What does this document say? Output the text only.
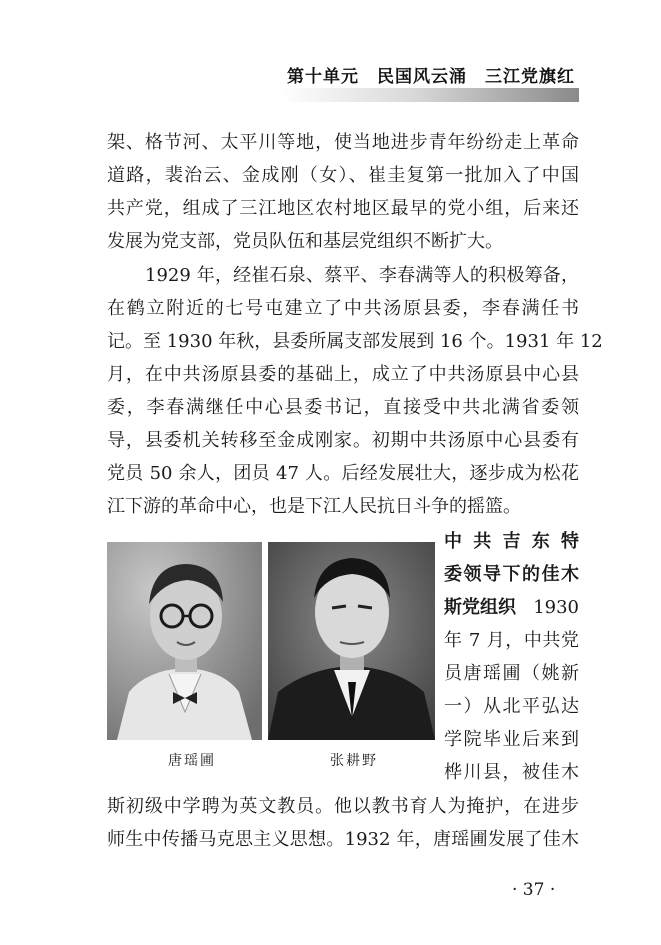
第十单元　民国风云涌　三江党旗红
架、格节河、太平川等地，使当地进步青年纷纷走上革命
道路，裴治云、金成刚（女）、崔圭复第一批加入了中国
共产党，组成了三江地区农村地区最早的党小组，后来还
发展为党支部，党员队伍和基层党组织不断扩大。
1929 年，经崔石泉、蔡平、李春满等人的积极筹备，
在鹤立附近的七号屯建立了中共汤原县委，李春满任书
记。至 1930 年秋，县委所属支部发展到 16 个。1931 年 12
月，在中共汤原县委的基础上，成立了中共汤原县中心县
委，李春满继任中心县委书记，直接受中共北满省委领
导，县委机关转移至金成刚家。初期中共汤原中心县委有
党员 50 余人，团员 47 人。后经发展壮大，逐步成为松花
江下游的革命中心，也是下江人民抗日斗争的摇篮。
唐瑶圃	张耕野
中共吉东特
委领导下的佳木
斯党组织 1930
年 7 月，中共党
员唐瑶圃（姚新
一）从北平弘达
学院毕业后来到
桦川县，被佳木
斯初级中学聘为英文教员。他以教书育人为掩护，在进步
师生中传播马克思主义思想。1932 年，唐瑶圃发展了佳木
· 37 ·
